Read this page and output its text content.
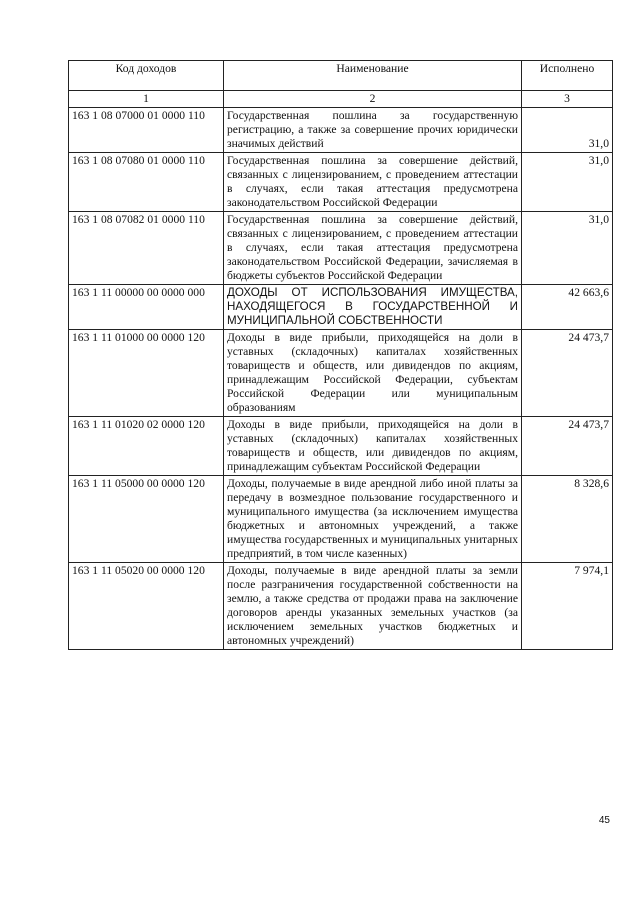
Код доходов	Наименование	Исполнено
1	2	3
163 1 08 07000 01 0000 110	Государственная пошлина за государственную регистрацию, а также за совершение прочих юридически значимых действий	31,0
163 1 08 07080 01 0000 110	Государственная пошлина за совершение действий, связанных с лицензированием, с проведением аттестации в случаях, если такая аттестация предусмотрена законодательством Российской Федерации	31,0
163 1 08 07082 01 0000 110	Государственная пошлина за совершение действий, связанных с лицензированием, с проведением аттестации в случаях, если такая аттестация предусмотрена законодательством Российской Федерации, зачисляемая в бюджеты субъектов Российской Федерации	31,0
163 1 11 00000 00 0000 000	ДОХОДЫ ОТ ИСПОЛЬЗОВАНИЯ ИМУЩЕСТВА, НАХОДЯЩЕГОСЯ В ГОСУДАРСТВЕННОЙ И МУНИЦИПАЛЬНОЙ СОБСТВЕННОСТИ	42 663,6
163 1 11 01000 00 0000 120	Доходы в виде прибыли, приходящейся на доли в уставных (складочных) капиталах хозяйственных товариществ и обществ, или дивидендов по акциям, принадлежащим Российской Федерации, субъектам Российской Федерации или муниципальным образованиям	24 473,7
163 1 11 01020 02 0000 120	Доходы в виде прибыли, приходящейся на доли в уставных (складочных) капиталах хозяйственных товариществ и обществ, или дивидендов по акциям, принадлежащим субъектам Российской Федерации	24 473,7
163 1 11 05000 00 0000 120	Доходы, получаемые в виде арендной либо иной платы за передачу в возмездное пользование государственного и муниципального имущества (за исключением имущества бюджетных и автономных учреждений, а также имущества государственных и муниципальных унитарных предприятий, в том числе казенных)	8 328,6
163 1 11 05020 00 0000 120	Доходы, получаемые в виде арендной платы за земли после разграничения государственной собственности на землю, а также средства от продажи права на заключение договоров аренды указанных земельных участков (за исключением земельных участков бюджетных и автономных учреждений)	7 974,1
45
